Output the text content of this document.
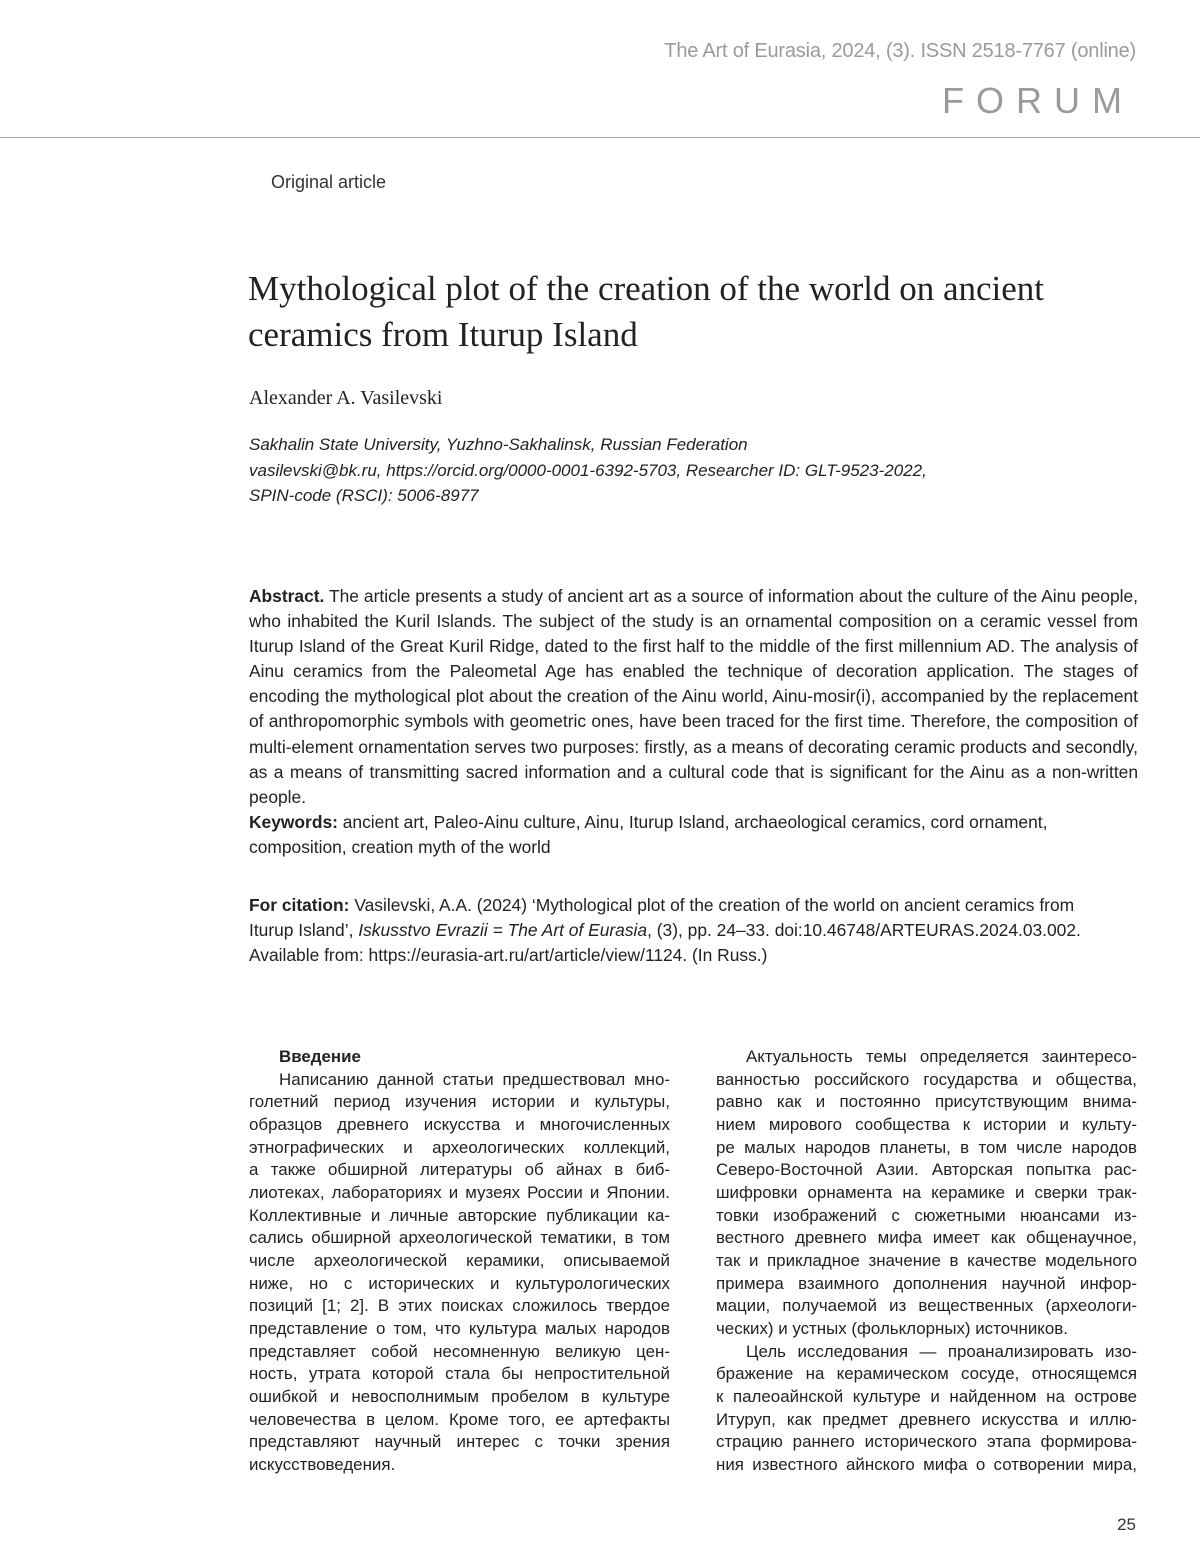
The Art of Eurasia, 2024, (3). ISSN 2518-7767 (online)
FORUM
Original article
Mythological plot of the creation of the world on ancient ceramics from Iturup Island
Alexander A. Vasilevski
Sakhalin State University, Yuzhno-Sakhalinsk, Russian Federation
vasilevski@bk.ru, https://orcid.org/0000-0001-6392-5703, Researcher ID: GLT-9523-2022,
SPIN-code (RSCI): 5006-8977

Abstract. The article presents a study of ancient art as a source of information about the culture of the Ainu people, who inhabited the Kuril Islands. The subject of the study is an ornamental composition on a ceramic vessel from Iturup Island of the Great Kuril Ridge, dated to the first half to the middle of the first millennium AD. The analysis of Ainu ceramics from the Paleometal Age has enabled the technique of decoration application. The stages of encoding the mythological plot about the creation of the Ainu world, Ainu-mosir(i), accompanied by the replacement of anthropomorphic symbols with geometric ones, have been traced for the first time. Therefore, the composition of multi-element ornamentation serves two purposes: firstly, as a means of decorating ceramic products and secondly, as a means of transmitting sacred information and a cultural code that is significant for the Ainu as a non-written people.

Keywords: ancient art, Paleo-Ainu culture, Ainu, Iturup Island, archaeological ceramics, cord ornament, composition, creation myth of the world

For citation: Vasilevski, A.A. (2024) ‘Mythological plot of the creation of the world on ancient ceramics from
Iturup Island’, Iskusstvo Evrazii = The Art of Eurasia, (3), pp. 24–33. doi:10.46748/ARTEURAS.2024.03.002.
Available from: https://eurasia-art.ru/art/article/view/1124. (In Russ.)

Введение
Написанию данной статьи предшествовал мно-
голетний период изучения истории и культуры,
образцов древнего искусства и многочисленных
этнографических и археологических коллекций,
а также обширной литературы об айнах в биб-
лиотеках, лабораториях и музеях России и Японии.
Коллективные и личные авторские публикации ка-
сались обширной археологической тематики, в том
числе археологической керамики, описываемой
ниже, но с исторических и культурологических
позиций [1; 2]. В этих поисках сложилось твердое
представление о том, что культура малых народов
представляет собой несомненную великую цен-
ность, утрата которой стала бы непростительной
ошибкой и невосполнимым пробелом в культуре
человечества в целом. Кроме того, ее артефакты
представляют научный интерес с точки зрения
искусствоведения.
Актуальность темы определяется заинтересо-
ванностью российского государства и общества,
равно как и постоянно присутствующим внима-
нием мирового сообщества к истории и культу-
ре малых народов планеты, в том числе народов
Северо-Восточной Азии. Авторская попытка рас-
шифровки орнамента на керамике и сверки трак-
товки изображений с сюжетными нюансами из-
вестного древнего мифа имеет как общенаучное,
так и прикладное значение в качестве модельного
примера взаимного дополнения научной инфор-
мации, получаемой из вещественных (археологи-
ческих) и устных (фольклорных) источников.
Цель исследования — проанализировать изо-
бражение на керамическом сосуде, относящемся
к палеоайнской культуре и найденном на острове
Итуруп, как предмет древнего искусства и иллю-
страцию раннего исторического этапа формирова-
ния известного айнского мифа о сотворении мира,
25
